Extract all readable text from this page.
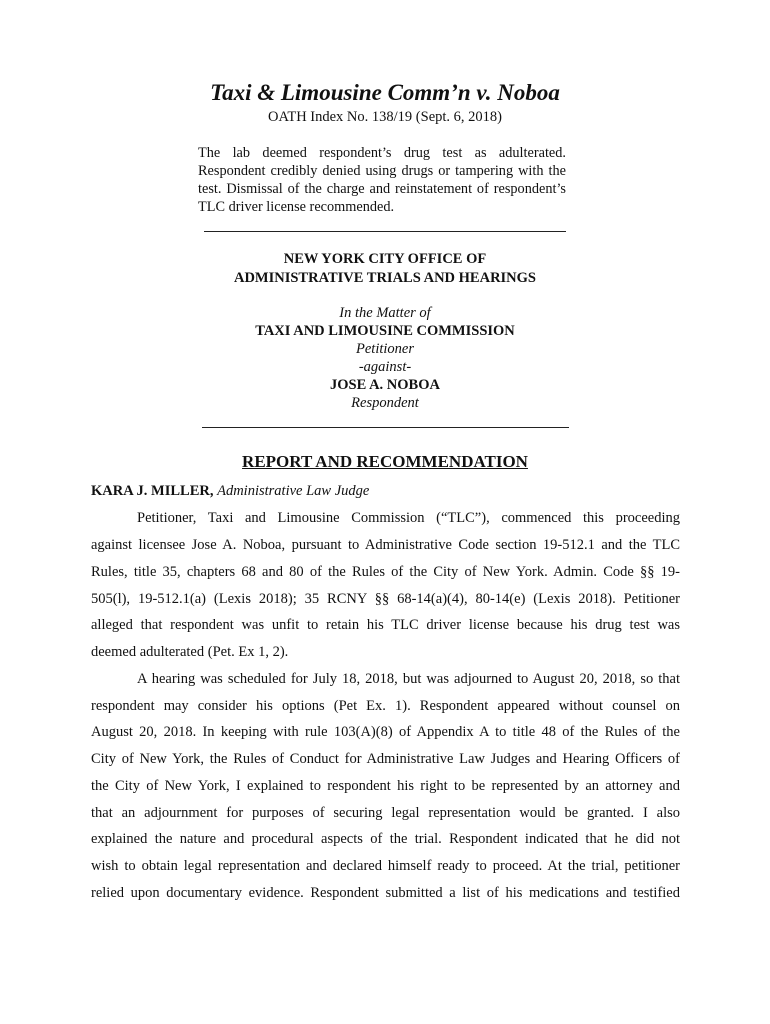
Taxi & Limousine Comm’n v. Noboa
OATH Index No. 138/19 (Sept. 6, 2018)
The lab deemed respondent’s drug test as adulterated. Respondent credibly denied using drugs or tampering with the test. Dismissal of the charge and reinstatement of respondent’s TLC driver license recommended.
NEW YORK CITY OFFICE OF
ADMINISTRATIVE TRIALS AND HEARINGS
In the Matter of
TAXI AND LIMOUSINE COMMISSION
Petitioner
-against-
JOSE A. NOBOA
Respondent
REPORT AND RECOMMENDATION
KARA J. MILLER, Administrative Law Judge
Petitioner, Taxi and Limousine Commission (“TLC”), commenced this proceeding
against licensee Jose A. Noboa, pursuant to Administrative Code section 19-512.1 and the TLC
Rules, title 35, chapters 68 and 80 of the Rules of the City of New York. Admin. Code §§ 19-
505(l), 19-512.1(a) (Lexis 2018); 35 RCNY §§ 68-14(a)(4), 80-14(e) (Lexis 2018). Petitioner
alleged that respondent was unfit to retain his TLC driver license because his drug test was
deemed adulterated (Pet. Ex 1, 2).
A hearing was scheduled for July 18, 2018, but was adjourned to August 20, 2018, so that
respondent may consider his options (Pet Ex. 1). Respondent appeared without counsel on
August 20, 2018. In keeping with rule 103(A)(8) of Appendix A to title 48 of the Rules of the
City of New York, the Rules of Conduct for Administrative Law Judges and Hearing Officers of
the City of New York, I explained to respondent his right to be represented by an attorney and
that an adjournment for purposes of securing legal representation would be granted. I also
explained the nature and procedural aspects of the trial. Respondent indicated that he did not
wish to obtain legal representation and declared himself ready to proceed. At the trial, petitioner
relied upon documentary evidence. Respondent submitted a list of his medications and testified
